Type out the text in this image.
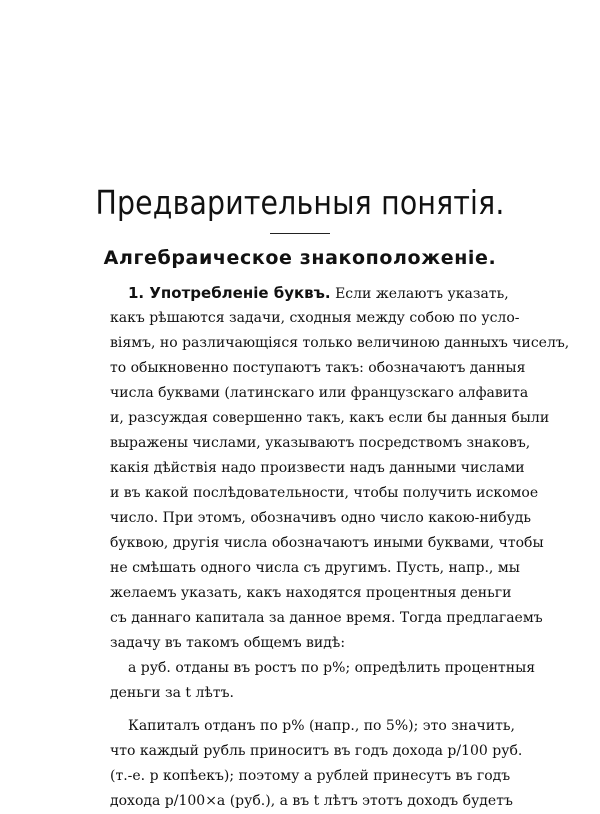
Предварительныя понятія.
Алгебраическое знакоположеніе.
1. Употребленіе буквъ. Если желаютъ указать,
какъ рѣшаются задачи, сходныя между собою по усло-
віямъ, но различающіяся только величиною данныхъ чиселъ,
то обыкновенно поступаютъ такъ: обозначаютъ данныя
числа буквами (латинскаго или французскаго алфавита
и, разсуждая совершенно такъ, какъ если бы данныя были
выражены числами, указываютъ посредствомъ знаковъ,
какія дѣйствія надо произвести надъ данными числами
и въ какой послѣдовательности, чтобы получить искомое
число. При этомъ, обозначивъ одно число какою-нибудь
буквою, другія числа обозначаютъ иными буквами, чтобы
не смѣшать одного числа съ другимъ. Пусть, напр., мы
желаемъ указать, какъ находятся процентныя деньги
съ даннаго капитала за данное время. Тогда предлагаемъ
задачу въ такомъ общемъ видѣ:
a руб. отданы въ ростъ по p%; опредѣлить процентныя
деньги за t лѣтъ.
Капиталъ отданъ по p% (напр., по 5%); это значить,
что каждый рубль приноситъ въ годъ дохода p/100 руб.
(т.-е. p копѣекъ); поэтому a рублей принесутъ въ годъ
дохода p/100×a (руб.), а въ t лѣтъ этотъ доходъ будетъ
